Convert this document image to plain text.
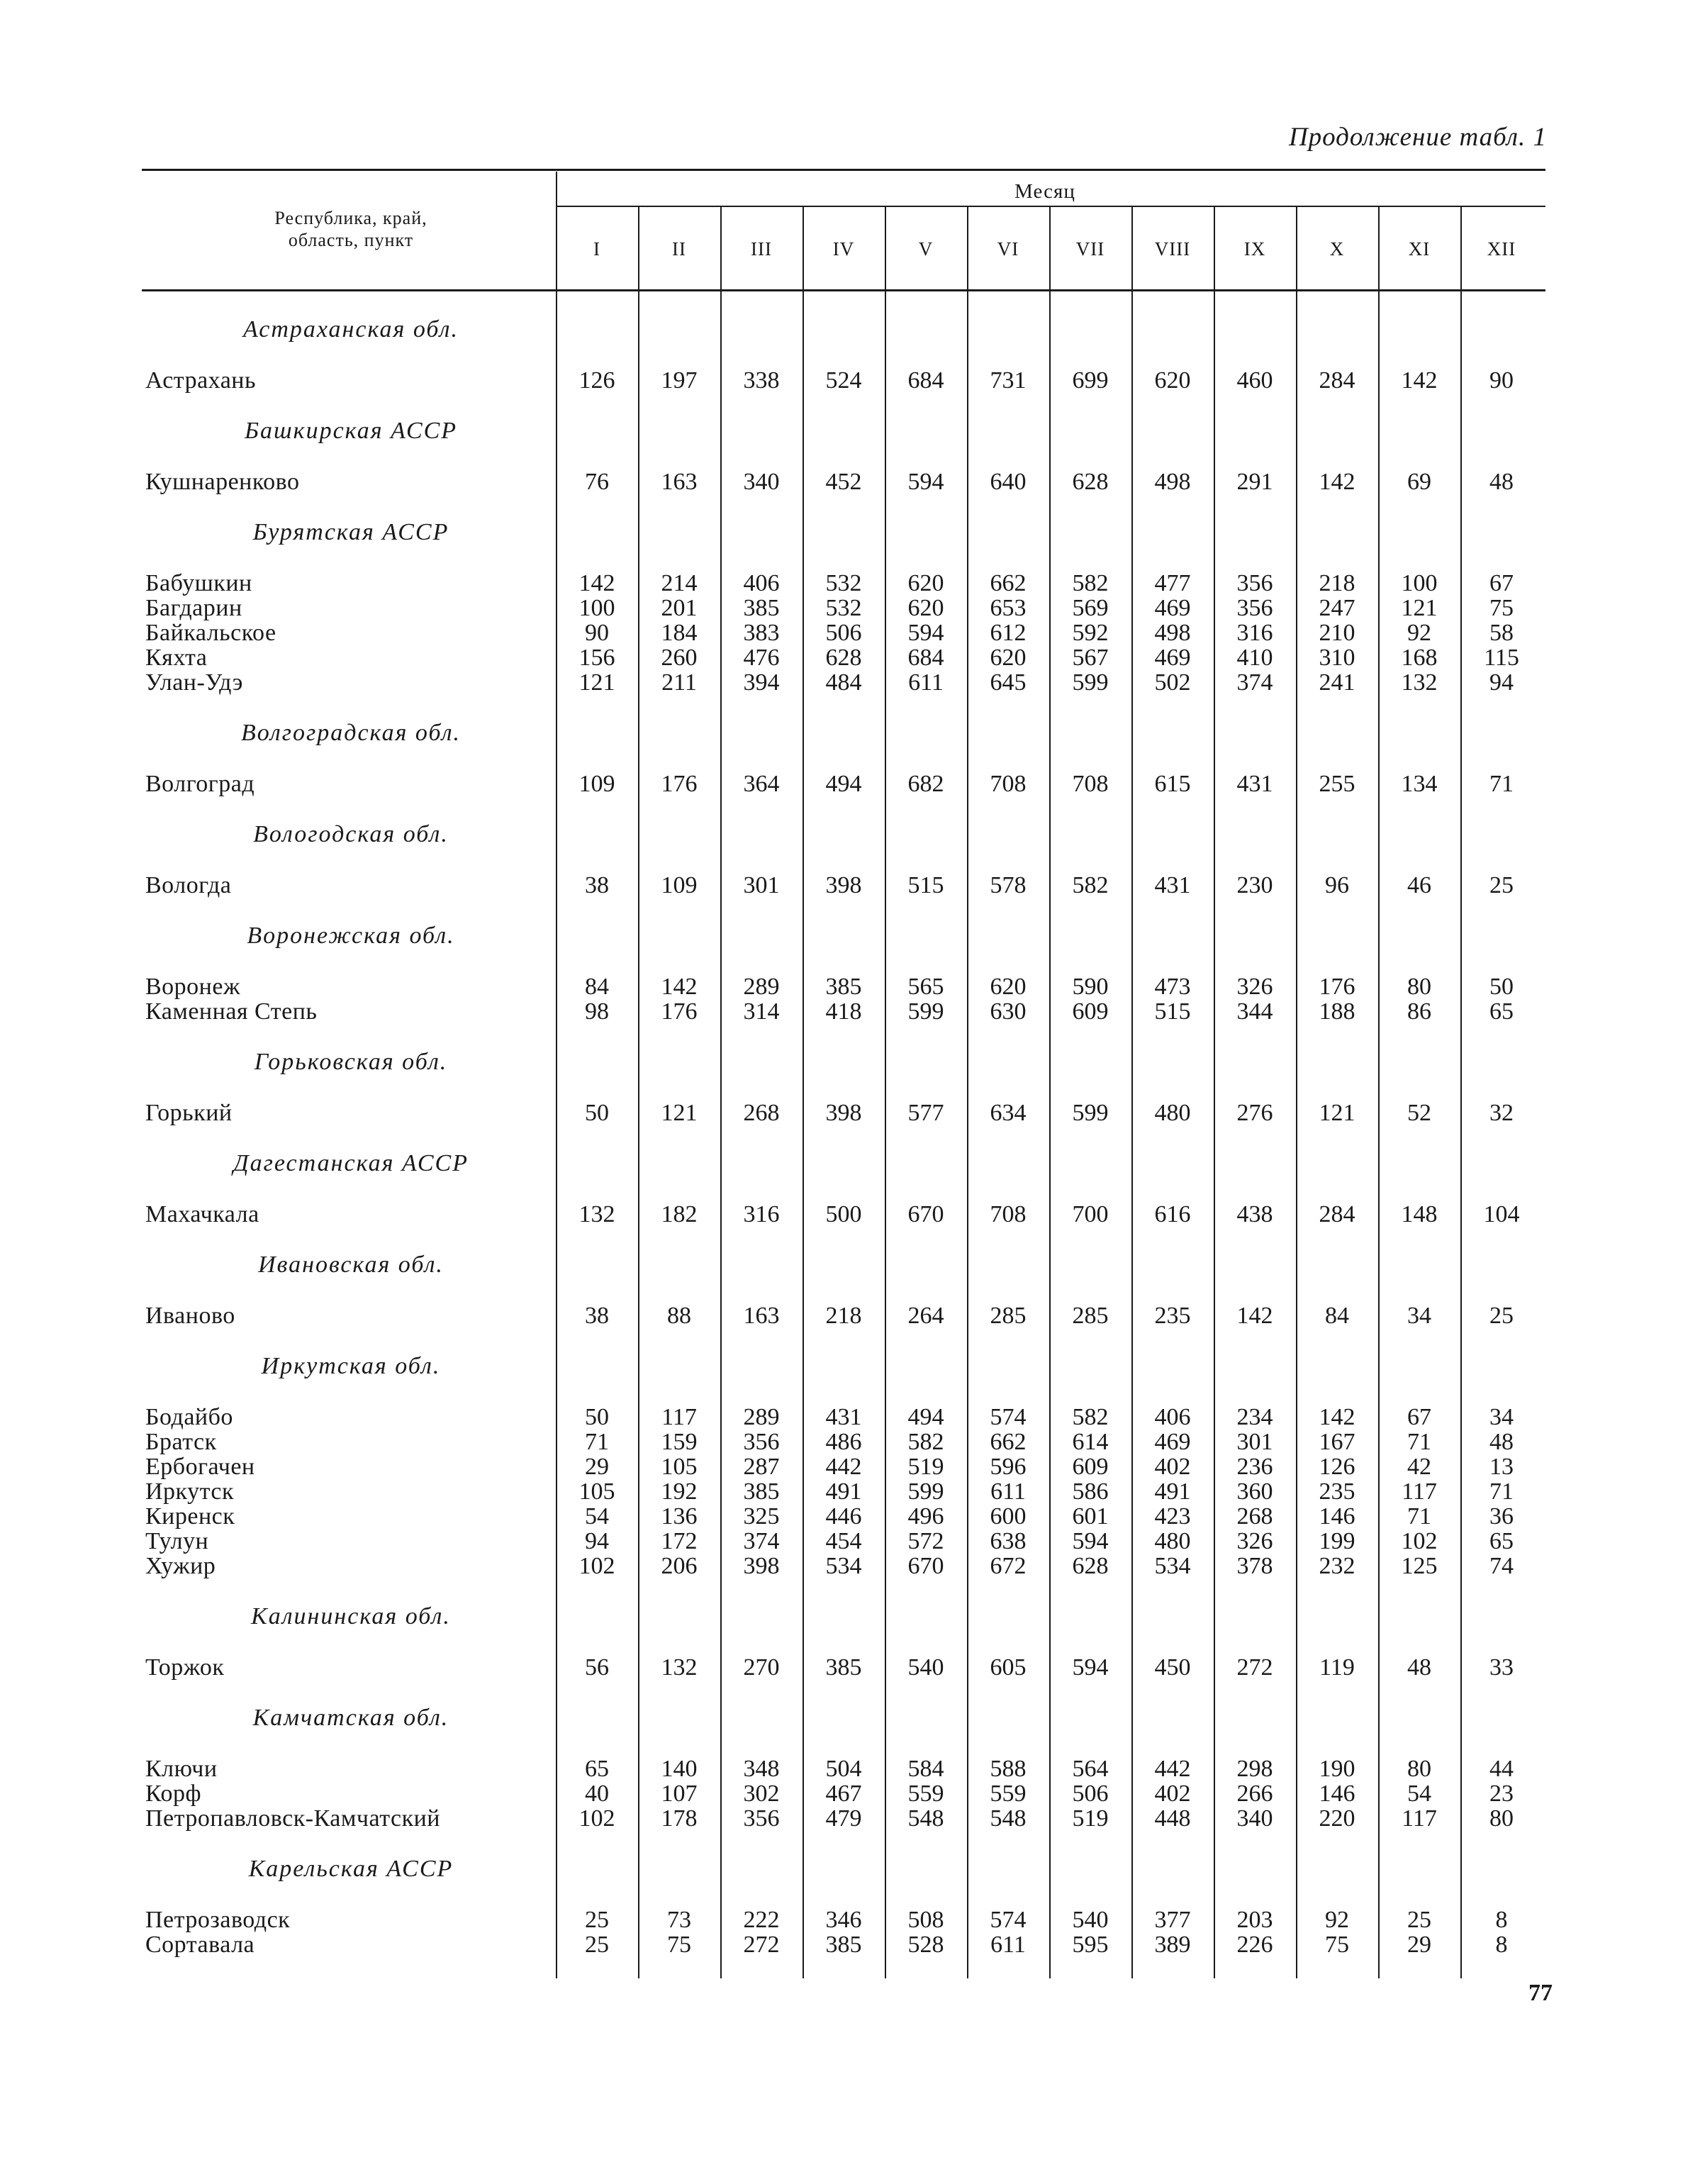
Продолжение табл. 1
Республика, край,
область, пункт
Месяц
Астраханская обл.
Астрахань	126	197	338	524	684	731	699	620	460	284	142	90
Башкирская АССР
Кушнаренково	76	163	340	452	594	640	628	498	291	142	69	48
Бурятская АССР
Бабушкин	142	214	406	532	620	662	582	477	356	218	100	67
Багдарин	100	201	385	532	620	653	569	469	356	247	121	75
Байкальское	90	184	383	506	594	612	592	498	316	210	92	58
Кяхта	156	260	476	628	684	620	567	469	410	310	168	115
Улан-Удэ	121	211	394	484	611	645	599	502	374	241	132	94
Волгоградская обл.
Волгоград	109	176	364	494	682	708	708	615	431	255	134	71
Вологодская обл.
Вологда	38	109	301	398	515	578	582	431	230	96	46	25
Воронежская обл.
Воронеж	84	142	289	385	565	620	590	473	326	176	80	50
Каменная Степь	98	176	314	418	599	630	609	515	344	188	86	65
Горьковская обл.
Горький	50	121	268	398	577	634	599	480	276	121	52	32
Дагестанская АССР
Махачкала	132	182	316	500	670	708	700	616	438	284	148	104
Ивановская обл.
Иваново	38	88	163	218	264	285	285	235	142	84	34	25
Иркутская обл.
Бодайбо	50	117	289	431	494	574	582	406	234	142	67	34
Братск	71	159	356	486	582	662	614	469	301	167	71	48
Ербогачен	29	105	287	442	519	596	609	402	236	126	42	13
Иркутск	105	192	385	491	599	611	586	491	360	235	117	71
Киренск	54	136	325	446	496	600	601	423	268	146	71	36
Тулун	94	172	374	454	572	638	594	480	326	199	102	65
Хужир	102	206	398	534	670	672	628	534	378	232	125	74
Калининская обл.
Торжок	56	132	270	385	540	605	594	450	272	119	48	33
Камчатская обл.
Ключи	65	140	348	504	584	588	564	442	298	190	80	44
Корф	40	107	302	467	559	559	506	402	266	146	54	23
Петропавловск-Камчатский	102	178	356	479	548	548	519	448	340	220	117	80
Карельская АССР
Петрозаводск	25	73	222	346	508	574	540	377	203	92	25	8
Сортавала	25	75	272	385	528	611	595	389	226	75	29	8
77
I	II	III	IV	V	VI	VII	VIII	IX	X	XI	XII
